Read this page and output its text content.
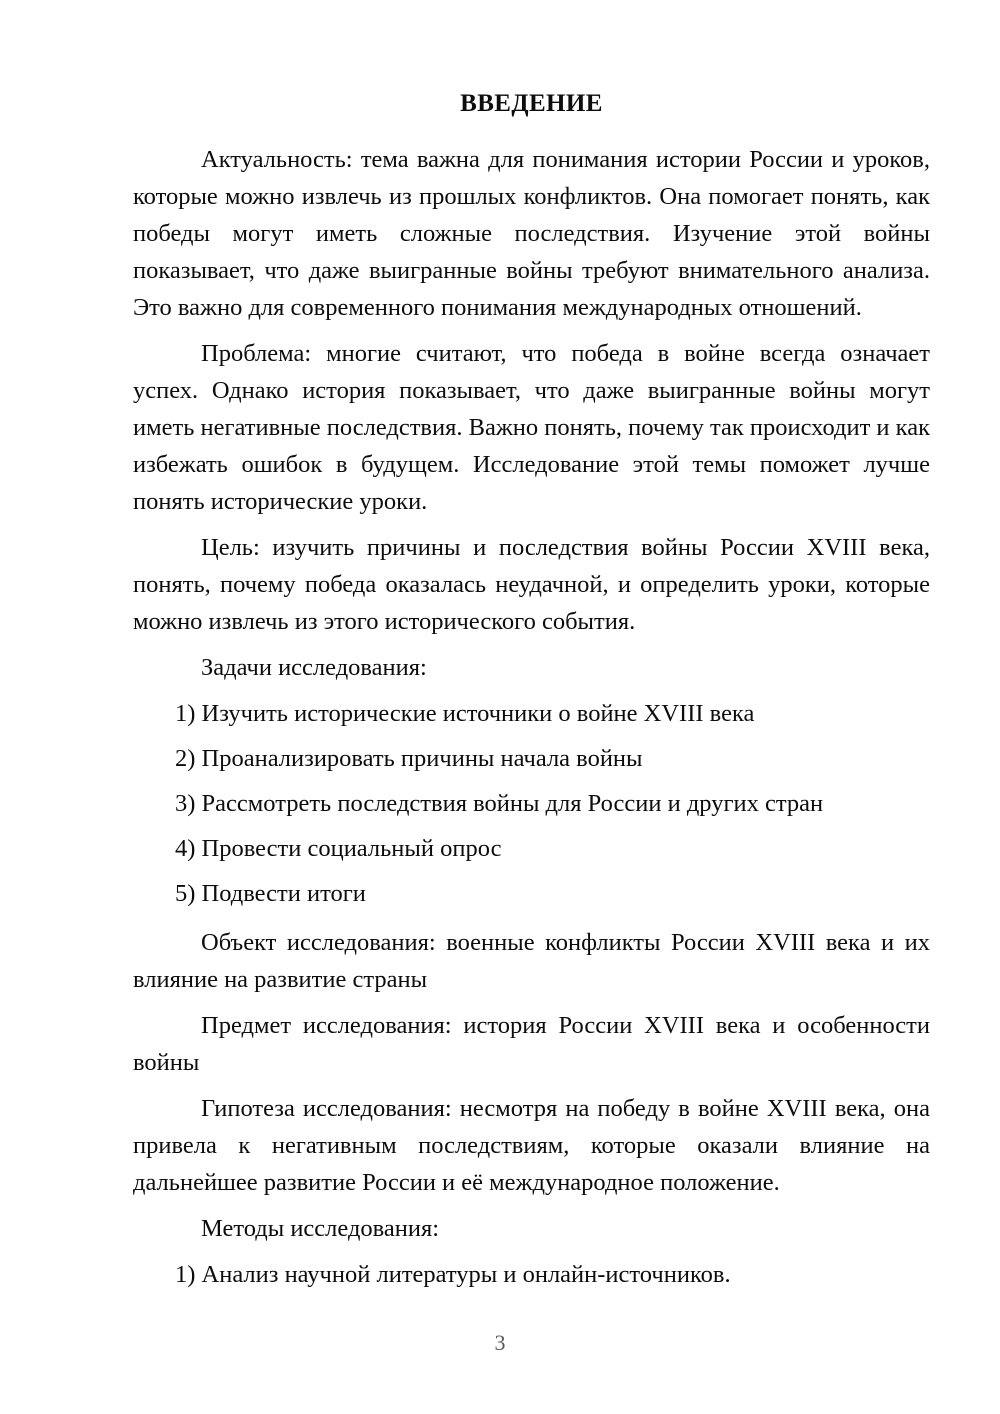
ВВЕДЕНИЕ

Актуальность: тема важна для понимания истории России и уроков, которые можно извлечь из прошлых конфликтов. Она помогает понять, как победы могут иметь сложные последствия. Изучение этой войны показывает, что даже выигранные войны требуют внимательного анализа. Это важно для современного понимания международных отношений.

Проблема: многие считают, что победа в войне всегда означает успех. Однако история показывает, что даже выигранные войны могут иметь негативные последствия. Важно понять, почему так происходит и как избежать ошибок в будущем. Исследование этой темы поможет лучше понять исторические уроки.

Цель: изучить причины и последствия войны России XVIII века, понять, почему победа оказалась неудачной, и определить уроки, которые можно извлечь из этого исторического события.

Задачи исследования:

1) Изучить исторические источники о войне XVIII века
2) Проанализировать причины начала войны
3) Рассмотреть последствия войны для России и других стран
4) Провести социальный опрос
5) Подвести итоги

Объект исследования: военные конфликты России XVIII века и их влияние на развитие страны

Предмет исследования: история России XVIII века и особенности войны

Гипотеза исследования: несмотря на победу в войне XVIII века, она привела к негативным последствиям, которые оказали влияние на дальнейшее развитие России и её международное положение.

Методы исследования:

1) Анализ научной литературы и онлайн-источников.
3
